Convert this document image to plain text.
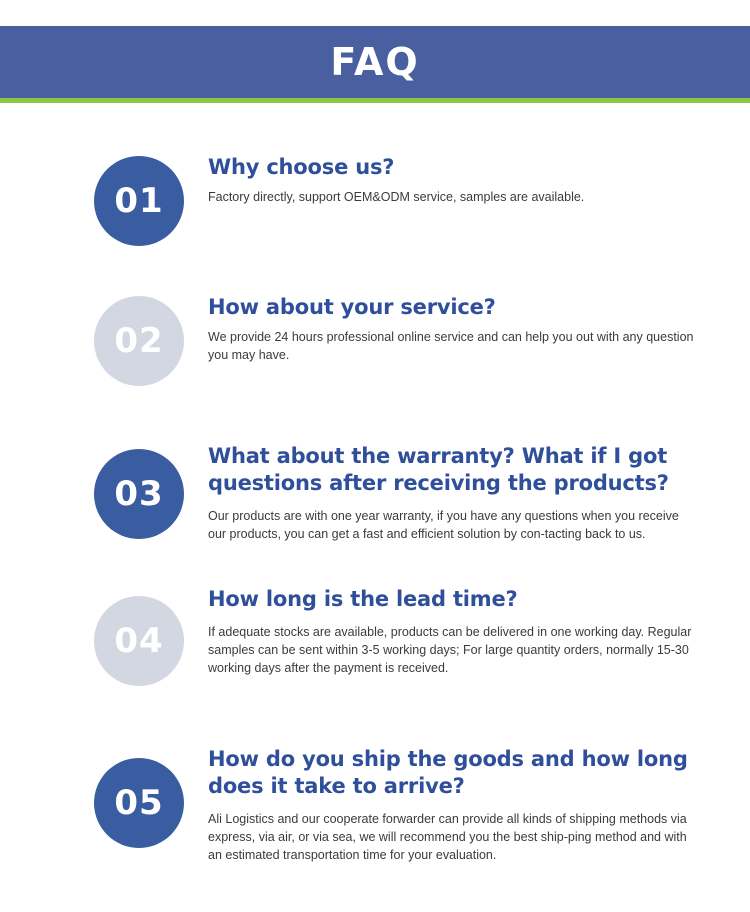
FAQ
01
Why choose us?

Factory directly, support OEM&ODM service, samples are available.

02
How about your service?

We provide 24 hours professional online service and can help you out with any question you may have.

03
What about the warranty? What if I got questions after receiving the products?

Our products are with one year warranty, if you have any questions when you receive our products, you can get a fast and efficient solution by con-tacting back to us.

04
How long is the lead time?

If adequate stocks are available, products can be delivered in one working day. Regular samples can be sent within 3-5 working days; For large quantity orders, normally 15-30 working days after the payment is received.

05
How do you ship the goods and how long does it take to arrive?

Ali Logistics and our cooperate forwarder can provide all kinds of shipping methods via express, via air, or via sea, we will recommend you the best ship-ping method and with an estimated transportation time for your evaluation.
